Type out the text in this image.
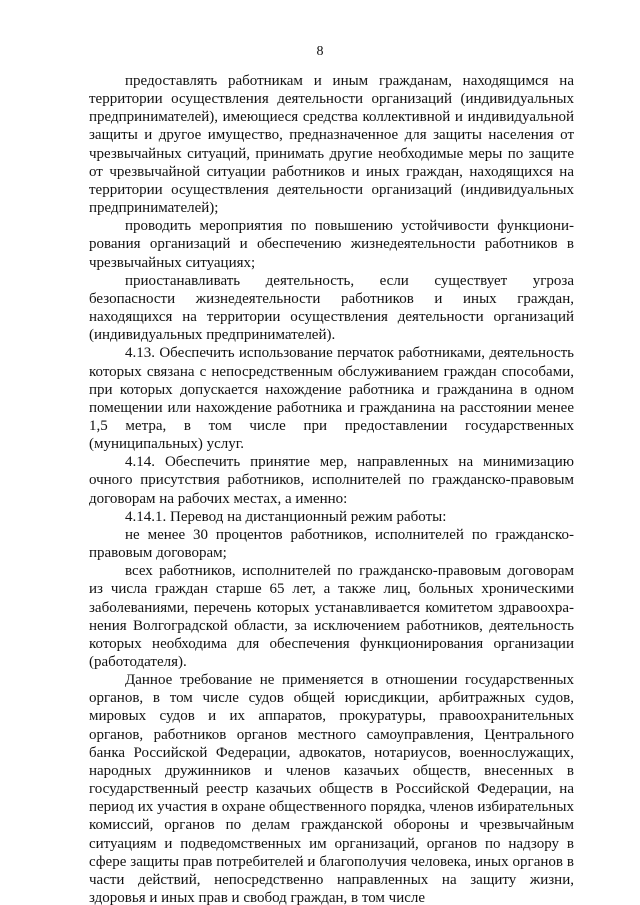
8

предоставлять работникам и иным гражданам, находящимся на территории осуществления деятельности организаций (индивидуальных предпринимателей), имеющиеся средства коллективной и индивидуальной защиты и другое имущество, предназначенное для защиты населения от чрезвычайных ситуаций, принимать другие необходимые меры по защите от чрезвычайной ситуации работников и иных граждан, находящихся на территории осуществления деятельности организаций (индивидуальных предпринимателей);

проводить мероприятия по повышению устойчивости функционирования организаций и обеспечению жизнедеятельности работников в чрезвычайных ситуациях;

приостанавливать деятельность, если существует угроза безопасности жизнедеятельности работников и иных граждан, находящихся на территории осуществления деятельности организаций (индивидуальных предпринимателей).

4.13. Обеспечить использование перчаток работниками, деятельность которых связана с непосредственным обслуживанием граждан способами, при которых допускается нахождение работника и гражданина в одном помещении или нахождение работника и гражданина на расстоянии менее 1,5 метра, в том числе при предоставлении государственных (муниципальных) услуг.

4.14. Обеспечить принятие мер, направленных на минимизацию очного присутствия работников, исполнителей по гражданско-правовым договорам на рабочих местах, а именно:

4.14.1. Перевод на дистанционный режим работы:

не менее 30 процентов работников, исполнителей по гражданско-правовым договорам;

всех работников, исполнителей по гражданско-правовым договорам из числа граждан старше 65 лет, а также лиц, больных хроническими заболеваниями, перечень которых устанавливается комитетом здравоохранения Волгоградской области, за исключением работников, деятельность которых необходима для обеспечения функционирования организации (работодателя).

Данное требование не применяется в отношении государственных органов, в том числе судов общей юрисдикции, арбитражных судов, мировых судов и их аппаратов, прокуратуры, правоохранительных органов, работников органов местного самоуправления, Центрального банка Российской Федерации, адвокатов, нотариусов, военнослужащих, народных дружинников и членов казачьих обществ, внесенных в государственный реестр казачьих обществ в Российской Федерации, на период их участия в охране общественного порядка, членов избирательных комиссий, органов по делам гражданской обороны и чрезвычайным ситуациям и подведомственных им организаций, органов по надзору в сфере защиты прав потребителей и благополучия человека, иных органов в части действий, непосредственно направленных на защиту жизни, здоровья и иных прав и свобод граждан, в том числе
